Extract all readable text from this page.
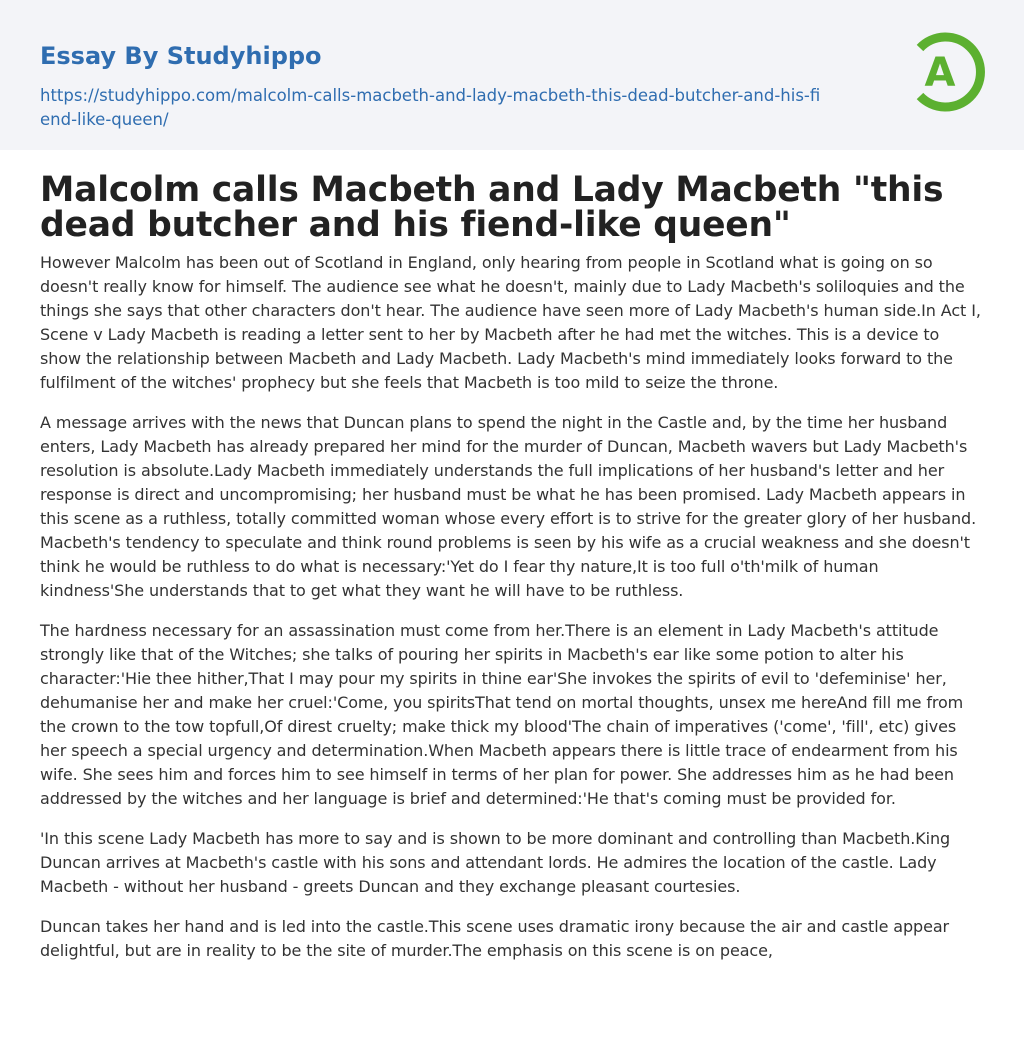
Essay By Studyhippo
https://studyhippo.com/malcolm-calls-macbeth-and-lady-macbeth-this-dead-butcher-and-his-fiend-like-queen/
A
Malcolm calls Macbeth and Lady Macbeth "this dead butcher and his fiend-like queen"

However Malcolm has been out of Scotland in England, only hearing from people in Scotland what is going on so doesn't really know for himself. The audience see what he doesn't, mainly due to Lady Macbeth's soliloquies and the things she says that other characters don't hear. The audience have seen more of Lady Macbeth's human side.In Act I, Scene v Lady Macbeth is reading a letter sent to her by Macbeth after he had met the witches. This is a device to show the relationship between Macbeth and Lady Macbeth. Lady Macbeth's mind immediately looks forward to the fulfilment of the witches' prophecy but she feels that Macbeth is too mild to seize the throne.

A message arrives with the news that Duncan plans to spend the night in the Castle and, by the time her husband enters, Lady Macbeth has already prepared her mind for the murder of Duncan, Macbeth wavers but Lady Macbeth's resolution is absolute.Lady Macbeth immediately understands the full implications of her husband's letter and her response is direct and uncompromising; her husband must be what he has been promised. Lady Macbeth appears in this scene as a ruthless, totally committed woman whose every effort is to strive for the greater glory of her husband. Macbeth's tendency to speculate and think round problems is seen by his wife as a crucial weakness and she doesn't think he would be ruthless to do what is necessary:'Yet do I fear thy nature,It is too full o'th'milk of human kindness'She understands that to get what they want he will have to be ruthless.

The hardness necessary for an assassination must come from her.There is an element in Lady Macbeth's attitude strongly like that of the Witches; she talks of pouring her spirits in Macbeth's ear like some potion to alter his character:'Hie thee hither,That I may pour my spirits in thine ear'She invokes the spirits of evil to 'defeminise' her, dehumanise her and make her cruel:'Come, you spiritsThat tend on mortal thoughts, unsex me hereAnd fill me from the crown to the tow topfull,Of direst cruelty; make thick my blood'The chain of imperatives ('come', 'fill', etc) gives her speech a special urgency and determination.When Macbeth appears there is little trace of endearment from his wife. She sees him and forces him to see himself in terms of her plan for power. She addresses him as he had been addressed by the witches and her language is brief and determined:'He that's coming must be provided for.

'In this scene Lady Macbeth has more to say and is shown to be more dominant and controlling than Macbeth.King Duncan arrives at Macbeth's castle with his sons and attendant lords. He admires the location of the castle. Lady Macbeth - without her husband - greets Duncan and they exchange pleasant courtesies.

Duncan takes her hand and is led into the castle.This scene uses dramatic irony because the air and castle appear delightful, but are in reality to be the site of murder.The emphasis on this scene is on peace,
